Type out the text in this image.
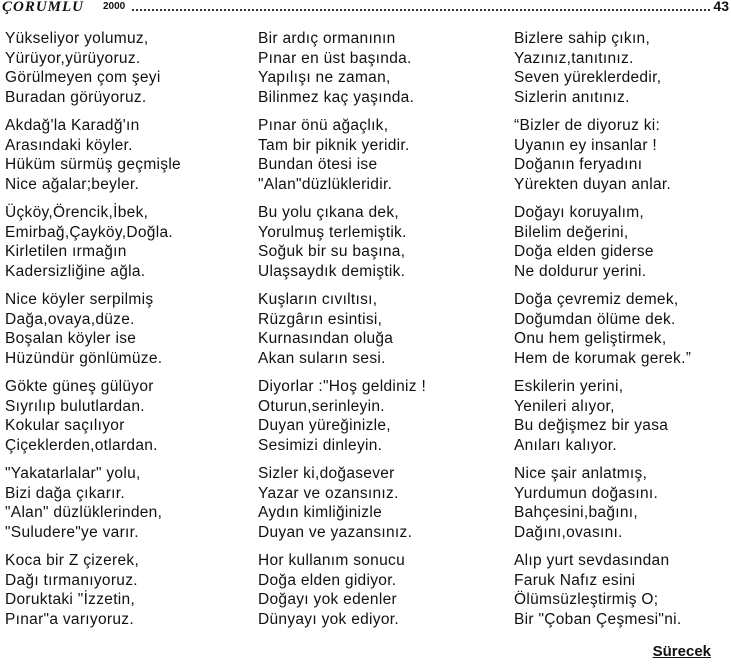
ÇORUMLU 2000	43
Yükseliyor yolumuz,
Yürüyor,yürüyoruz.
Görülmeyen çom şeyi
Buradan görüyoruz.
Akdağ'la Karadğ'ın
Arasındaki köyler.
Hüküm sürmüş geçmişle
Nice ağalar;beyler.
Üçköy,Örencik,İbek,
Emirbağ,Çayköy,Doğla.
Kirletilen ırmağın
Kadersizliğine ağla.
Nice köyler serpilmiş
Dağa,ovaya,düze.
Boşalan köyler ise
Hüzündür gönlümüze.
Gökte güneş gülüyor
Sıyrılıp bulutlardan.
Kokular saçılıyor
Çiçeklerden,otlardan.
"Yakatarlalar" yolu,
Bizi dağa çıkarır.
"Alan" düzlüklerinden,
"Suludere"ye varır.
Koca bir Z çizerek,
Dağı tırmanıyoruz.
Doruktaki "İzzetin,
Pınar"a varıyoruz.
Bir ardıç ormanının
Pınar en üst başında.
Yapılışı ne zaman,
Bilinmez kaç yaşında.
Pınar önü ağaçlık,
Tam bir piknik yeridir.
Bundan ötesi ise
"Alan"düzlükleridir.
Bu yolu çıkana dek,
Yorulmuş terlemiştik.
Soğuk bir su başına,
Ulaşsaydık demiştik.
Kuşların cıvıltısı,
Rüzgârın esintisi,
Kurnasından oluğa
Akan suların sesi.
Diyorlar :"Hoş geldiniz !
Oturun,serinleyin.
Duyan yüreğinizle,
Sesimizi dinleyin.
Sizler ki,doğasever
Yazar ve ozansınız.
Aydın kimliğinizle
Duyan ve yazansınız.
Hor kullanım sonucu
Doğa elden gidiyor.
Doğayı yok edenler
Dünyayı yok ediyor.
Bizlere sahip çıkın,
Yazınız,tanıtınız.
Seven yüreklerdedir,
Sizlerin anıtınız.
“Bizler de diyoruz ki:
Uyanın ey insanlar !
Doğanın feryadını
Yürekten duyan anlar.
Doğayı koruyalım,
Bilelim değerini,
Doğa elden giderse
Ne doldurur yerini.
Doğa çevremiz demek,
Doğumdan ölüme dek.
Onu hem geliştirmek,
Hem de korumak gerek.”
Eskilerin yerini,
Yenileri alıyor,
Bu değişmez bir yasa
Anıları kalıyor.
Nice şair anlatmış,
Yurdumun doğasını.
Bahçesini,bağını,
Dağını,ovasını.
Alıp yurt sevdasından
Faruk Nafız esini
Ölümsüzleştirmiş O;
Bir "Çoban Çeşmesi"ni.
Sürecek
